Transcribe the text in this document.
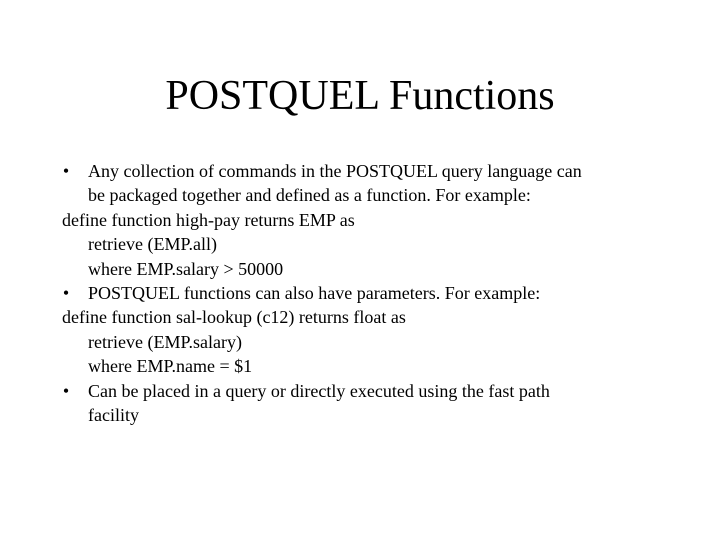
POSTQUEL Functions
•	Any collection of commands in the POSTQUEL query language can
be packaged together and defined as a function. For example:
define function high-pay returns EMP as
retrieve (EMP.all)
where EMP.salary > 50000
•	POSTQUEL functions can also have parameters. For example:
define function sal-lookup (c12) returns float as
retrieve (EMP.salary)
where EMP.name = $1
•	Can be placed in a query or directly executed using the fast path
facility
